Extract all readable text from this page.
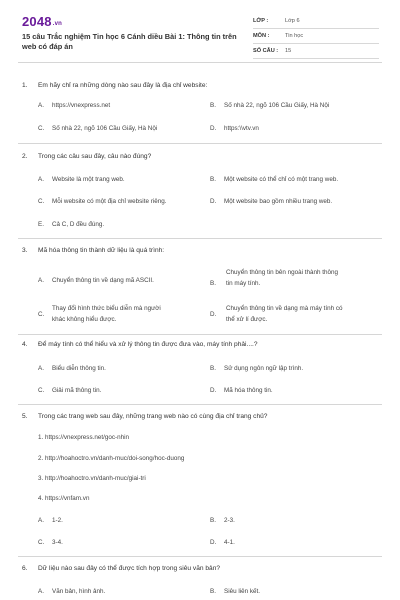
2048.vn
15 câu Trắc nghiệm Tin học 6 Cánh diều Bài 1: Thông tin trên web có đáp án
LỚP :	Lớp 6
MÔN :	Tin học
SỐ CÂU :	15
1. Em hãy chỉ ra những dòng nào sau đây là địa chỉ website:
A. https://vnexpress.net	B. Số nhà 22, ngõ 106 Cầu Giấy, Hà Nội
C. Số nhà 22, ngõ 106 Cầu Giấy, Hà Nội	D. https:\\vtv.vn
2. Trong các câu sau đây, câu nào đúng?
A. Website là một trang web.	B. Một website có thể chỉ có một trang web.
C. Mỗi website có một địa chỉ website riêng.	D. Một website bao gồm nhiều trang web.
E. Cả C, D đều đúng.
3. Mã hóa thông tin thành dữ liệu là quá trình:
A. Chuyển thông tin về dạng mã ASCII.	B.
Chuyển thông tin bên ngoài thành thông
tin máy tính.
C.
Thay đổi hình thức biểu diễn mà người
khác không hiểu được.
D.
Chuyển thông tin về dạng mà máy tính có
thể xử lí được.
4. Để máy tính có thể hiểu và xử lý thông tin được đưa vào, máy tính phải....?
A. Biểu diễn thông tin.	B. Sử dụng ngôn ngữ lập trình.
C. Giải mã thông tin.	D. Mã hóa thông tin.
5. Trong các trang web sau đây, những trang web nào có cùng địa chỉ trang chủ?
1. https://vnexpress.net/goc-nhin
2. http://hoahoctro.vn/danh-muc/doi-song/hoc-duong
3. http://hoahoctro.vn/danh-muc/giai-tri
4. https://vnfam.vn
A. 1-2.	B. 2-3.
C. 3-4.	D. 4-1.
6. Dữ liệu nào sau đây có thể được tích hợp trong siêu văn bản?
A. Văn bản, hình ảnh.	B. Siêu liên kết.
